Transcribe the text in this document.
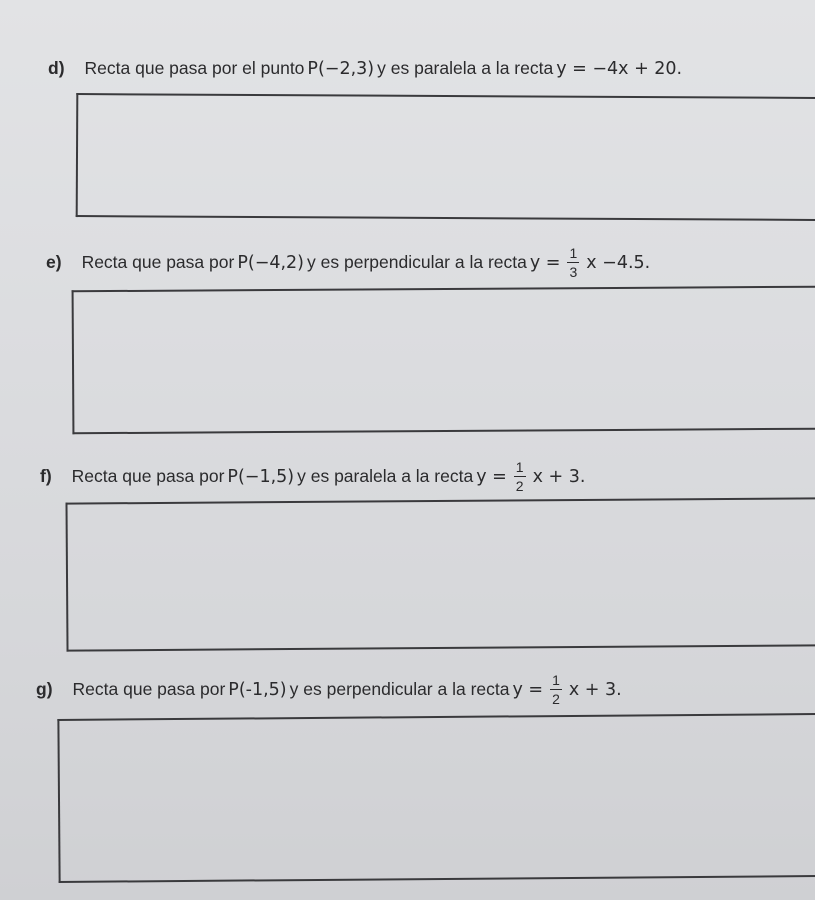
d) Recta que pasa por el punto P(−2,3) y es paralela a la recta y = −4x + 20.
e) Recta que pasa por P(−4,2) y es perpendicular a la recta $y = \frac{1}{3}$ x −4.5.
f) Recta que pasa por P(−1,5) y es paralela a la recta $y = \frac{1}{2}$ x + 3.
g) Recta que pasa por P(-1,5) y es perpendicular a la recta $y = \frac{1}{2}$ x + 3.
